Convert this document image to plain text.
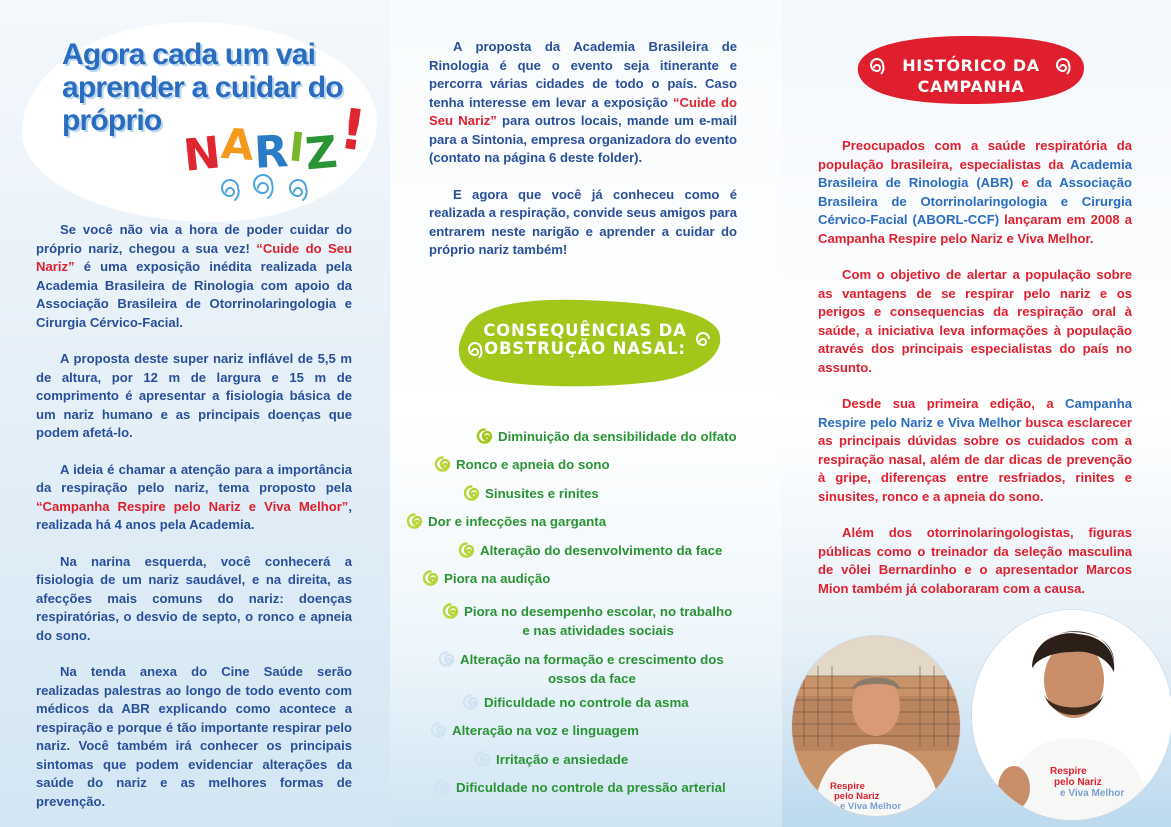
Agora cada um vai aprender a cuidar do próprio
NARIZ!

Se você não via a hora de poder cuidar do próprio nariz, chegou a sua vez! “Cuide do Seu Nariz” é uma exposição inédita realizada pela Academia Brasileira de Rinologia com apoio da Associação Brasileira de Otorrinolaringologia e Cirurgia Cérvico-Facial.

A proposta deste super nariz inflável de 5,5 m de altura, por 12 m de largura e 15 m de comprimento é apresentar a fisiologia básica de um nariz humano e as principais doenças que podem afetá-lo.

A ideia é chamar a atenção para a importância da respiração pelo nariz, tema proposto pela “Campanha Respire pelo Nariz e Viva Melhor”, realizada há 4 anos pela Academia.

Na narina esquerda, você conhecerá a fisiologia de um nariz saudável, e na direita, as afecções mais comuns do nariz: doenças respiratórias, o desvio de septo, o ronco e apneia do sono.

Na tenda anexa do Cine Saúde serão realizadas palestras ao longo de todo evento com médicos da ABR explicando como acontece a respiração e porque é tão importante respirar pelo nariz. Você também irá conhecer os principais sintomas que podem evidenciar alterações da saúde do nariz e as melhores formas de prevenção.

A proposta da Academia Brasileira de Rinologia é que o evento seja itinerante e percorra várias cidades de todo o país. Caso tenha interesse em levar a exposição “Cuide do Seu Nariz” para outros locais, mande um e-mail para a Sintonia, empresa organizadora do evento (contato na página 6 deste folder).

E agora que você já conheceu como é realizada a respiração, convide seus amigos para entrarem neste narigão e aprender a cuidar do próprio nariz também!

CONSEQUÊNCIAS DA OBSTRUÇÃO NASAL:
Diminuição da sensibilidade do olfato
Ronco e apneia do sono
Sinusites e rinites
Dor e infecções na garganta
Alteração do desenvolvimento da face
Piora na audição
Piora no desempenho escolar, no trabalho
e nas atividades sociais
Alteração na formação e crescimento dos
ossos da face
Dificuldade no controle da asma
Alteração na voz e linguagem
Irritação e ansiedade
Dificuldade no controle da pressão arterial
HISTÓRICO DA CAMPANHA

Preocupados com a saúde respiratória da população brasileira, especialistas da Academia Brasileira de Rinologia (ABR) e da Associação Brasileira de Otorrinolaringologia e Cirurgia Cérvico-Facial (ABORL-CCF) lançaram em 2008 a Campanha Respire pelo Nariz e Viva Melhor.

Com o objetivo de alertar a população sobre as vantagens de se respirar pelo nariz e os perigos e consequencias da respiração oral à saúde, a iniciativa leva informações à população através dos principais especialistas do país no assunto.

Desde sua primeira edição, a Campanha Respire pelo Nariz e Viva Melhor busca esclarecer as principais dúvidas sobre os cuidados com a respiração nasal, além de dar dicas de prevenção à gripe, diferenças entre resfriados, rinites e sinusites, ronco e a apneia do sono.

Além dos otorrinolaringologistas, figuras públicas como o treinador da seleção masculina de vôlei Bernardinho e o apresentador Marcos Mion também já colaboraram com a causa.

Respire
pelo Nariz
e Viva Melhor
Respire
pelo Nariz
e Viva Melhor
